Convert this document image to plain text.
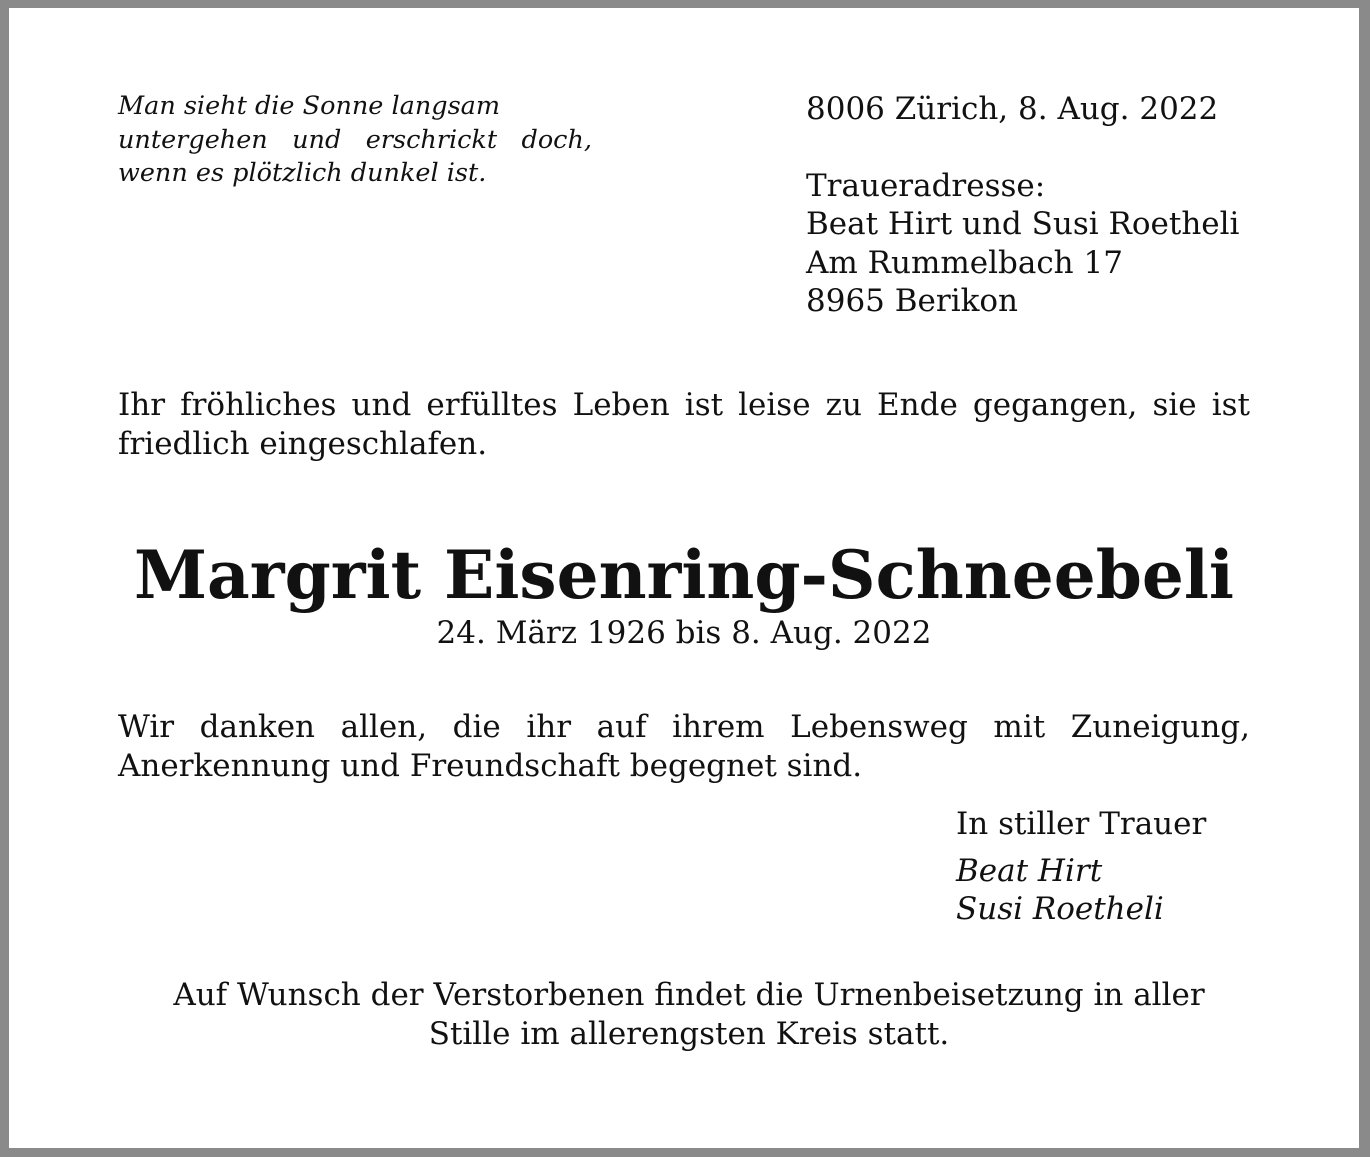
Man sieht die Sonne langsam
untergehen und erschrickt doch,
wenn es plötzlich dunkel ist.
8006 Zürich, 8. Aug. 2022
Traueradresse:
Beat Hirt und Susi Roetheli
Am Rummelbach 17
8965 Berikon
Ihr fröhliches und erfülltes Leben ist leise zu Ende gegangen, sie ist
friedlich eingeschlafen.
Margrit Eisenring-Schneebeli
24. März 1926 bis 8. Aug. 2022
Wir danken allen, die ihr auf ihrem Lebensweg mit Zuneigung,
Anerkennung und Freundschaft begegnet sind.
In stiller Trauer
Beat Hirt
Susi Roetheli
Auf Wunsch der Verstorbenen findet die Urnenbeisetzung in aller
Stille im allerengsten Kreis statt.
